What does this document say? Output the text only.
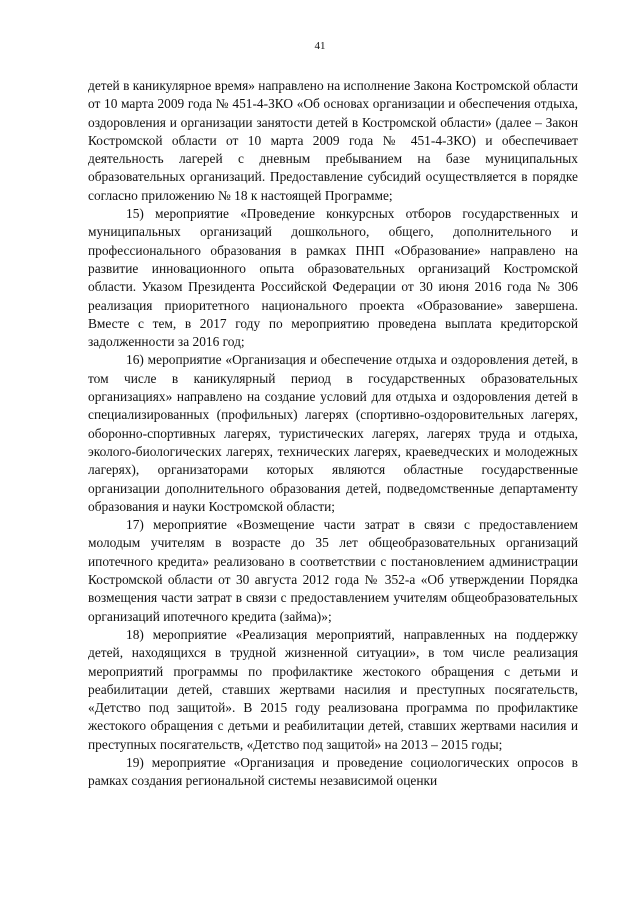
41

детей в каникулярное время» направлено на исполнение Закона Костромской области от 10 марта 2009 года № 451-4-ЗКО «Об основах организации и обеспечения отдыха, оздоровления и организации занятости детей в Костромской области» (далее – Закон Костромской области от 10 марта 2009 года № 451-4-ЗКО) и обеспечивает деятельность лагерей с дневным пребыванием на базе муниципальных образовательных организаций. Предоставление субсидий осуществляется в порядке согласно приложению № 18 к настоящей Программе;

15) мероприятие «Проведение конкурсных отборов государственных и муниципальных организаций дошкольного, общего, дополнительного и профессионального образования в рамках ПНП «Образование» направлено на развитие инновационного опыта образовательных организаций Костромской области. Указом Президента Российской Федерации от 30 июня 2016 года № 306 реализация приоритетного национального проекта «Образование» завершена. Вместе с тем, в 2017 году по мероприятию проведена выплата кредиторской задолженности за 2016 год;

16) мероприятие «Организация и обеспечение отдыха и оздоровления детей, в том числе в каникулярный период в государственных образовательных организациях» направлено на создание условий для отдыха и оздоровления детей в специализированных (профильных) лагерях (спортивно-оздоровительных лагерях, оборонно-спортивных лагерях, туристических лагерях, лагерях труда и отдыха, эколого-биологических лагерях, технических лагерях, краеведческих и молодежных лагерях), организаторами которых являются областные государственные организации дополнительного образования детей, подведомственные департаменту образования и науки Костромской области;

17) мероприятие «Возмещение части затрат в связи с предоставлением молодым учителям в возрасте до 35 лет общеобразовательных организаций ипотечного кредита» реализовано в соответствии с постановлением администрации Костромской области от 30 августа 2012 года № 352-а «Об утверждении Порядка возмещения части затрат в связи с предоставлением учителям общеобразовательных организаций ипотечного кредита (займа)»;

18) мероприятие «Реализация мероприятий, направленных на поддержку детей, находящихся в трудной жизненной ситуации», в том числе реализация мероприятий программы по профилактике жестокого обращения с детьми и реабилитации детей, ставших жертвами насилия и преступных посягательств, «Детство под защитой». В 2015 году реализована программа по профилактике жестокого обращения с детьми и реабилитации детей, ставших жертвами насилия и преступных посягательств, «Детство под защитой» на 2013 – 2015 годы;

19) мероприятие «Организация и проведение социологических опросов в рамках создания региональной системы независимой оценки
